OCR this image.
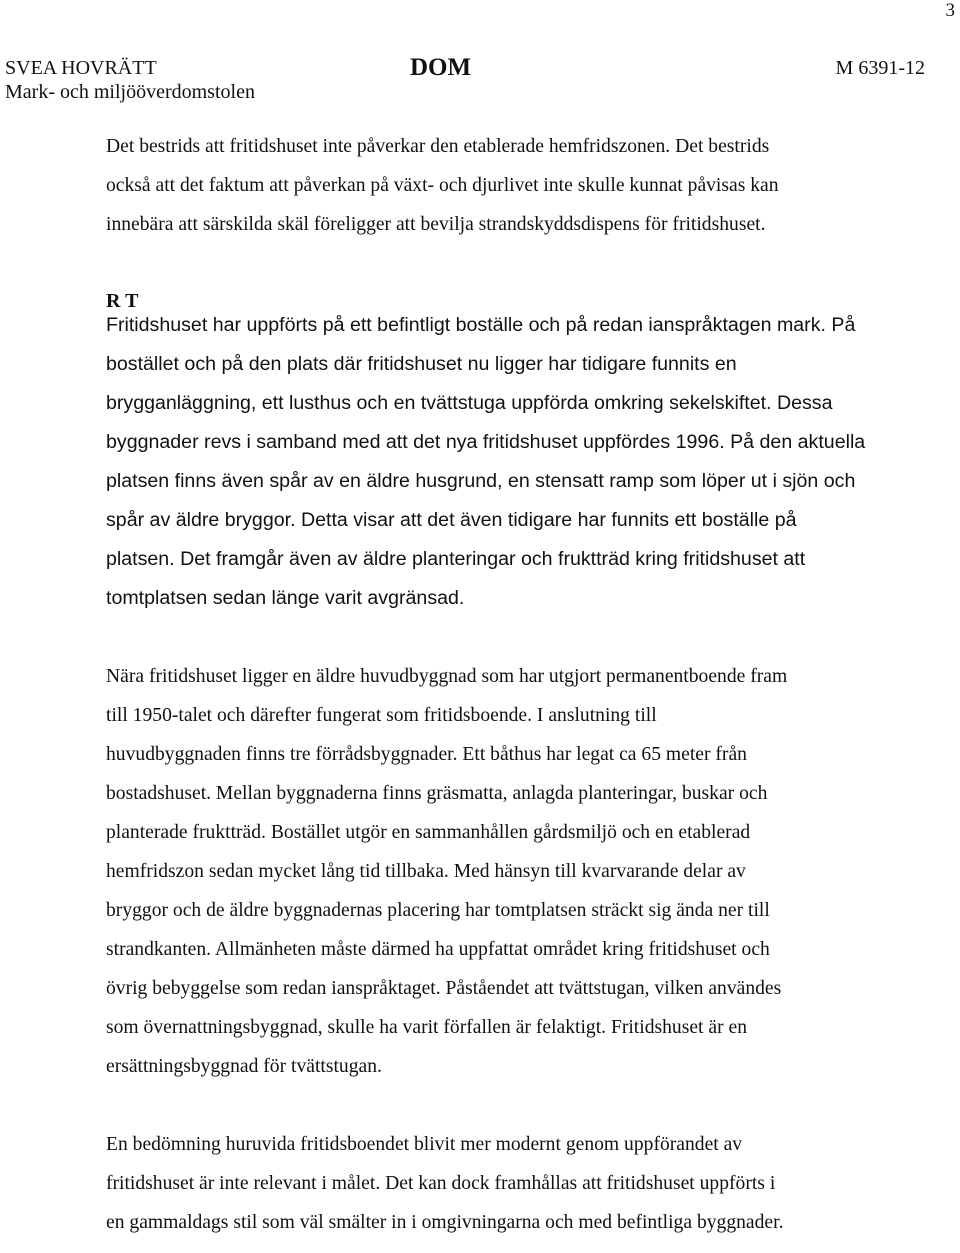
3
SVEA HOVRÄTT
Mark- och miljööverdomstolen
DOM	M 6391-12

Det bestrids att fritidshuset inte påverkar den etablerade hemfridszonen. Det bestrids
också att det faktum att påverkan på växt- och djurlivet inte skulle kunnat påvisas kan
innebära att särskilda skäl föreligger att bevilja strandskyddsdispens för fritidshuset.

R T

Fritidshuset har uppförts på ett befintligt boställe och på redan ianspråktagen mark. På
bostället och på den plats där fritidshuset nu ligger har tidigare funnits en
brygganläggning, ett lusthus och en tvättstuga uppförda omkring sekelskiftet. Dessa
byggnader revs i samband med att det nya fritidshuset uppfördes 1996. På den aktuella
platsen finns även spår av en äldre husgrund, en stensatt ramp som löper ut i sjön och
spår av äldre bryggor. Detta visar att det även tidigare har funnits ett boställe på
platsen. Det framgår även av äldre planteringar och fruktträd kring fritidshuset att
tomtplatsen sedan länge varit avgränsad.

Nära fritidshuset ligger en äldre huvudbyggnad som har utgjort permanentboende fram
till 1950-talet och därefter fungerat som fritidsboende. I anslutning till
huvudbyggnaden finns tre förrådsbyggnader. Ett båthus har legat ca 65 meter från
bostadshuset. Mellan byggnaderna finns gräsmatta, anlagda planteringar, buskar och
planterade fruktträd. Bostället utgör en sammanhållen gårdsmiljö och en etablerad
hemfridszon sedan mycket lång tid tillbaka. Med hänsyn till kvarvarande delar av
bryggor och de äldre byggnadernas placering har tomtplatsen sträckt sig ända ner till
strandkanten. Allmänheten måste därmed ha uppfattat området kring fritidshuset och
övrig bebyggelse som redan ianspråktaget. Påståendet att tvättstugan, vilken användes
som övernattningsbyggnad, skulle ha varit förfallen är felaktigt. Fritidshuset är en
ersättningsbyggnad för tvättstugan.

En bedömning huruvida fritidsboendet blivit mer modernt genom uppförandet av
fritidshuset är inte relevant i målet. Det kan dock framhållas att fritidshuset uppförts i
en gammaldags stil som väl smälter in i omgivningarna och med befintliga byggnader.
